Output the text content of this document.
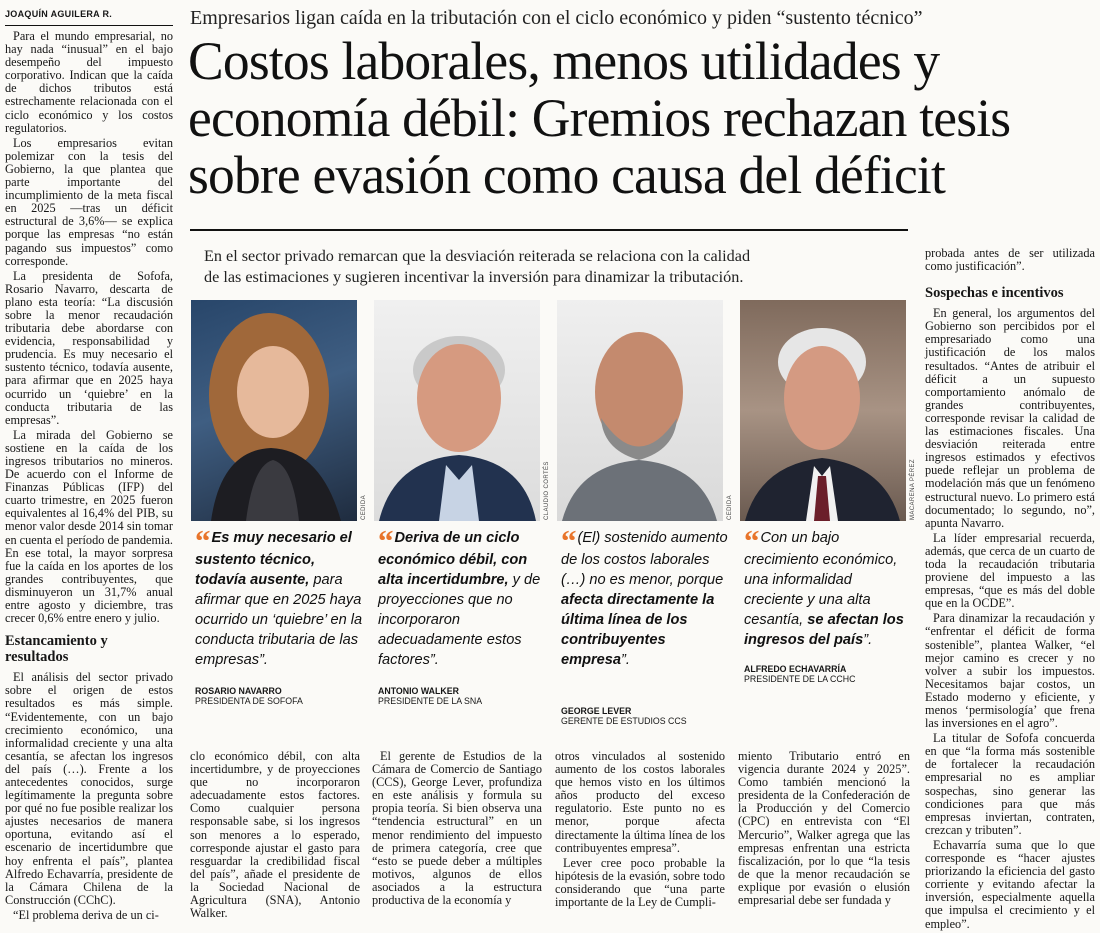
JOAQUÍN AGUILERA R.

Para el mundo empresarial, no hay nada “inusual” en el bajo desempeño del impuesto corporativo. Indican que la caída de dichos tributos está estrechamente relacionada con el ciclo económico y los costos regulatorios.

Los empresarios evitan polemizar con la tesis del Gobierno, la que plantea que parte importante del incumplimiento de la meta fiscal en 2025 —tras un déficit estructural de 3,6%— se explica porque las empresas “no están pagando sus impuestos” como corresponde.

La presidenta de Sofofa, Rosario Navarro, descarta de plano esta teoría: “La discusión sobre la menor recaudación tributaria debe abordarse con evidencia, responsabilidad y prudencia. Es muy necesario el sustento técnico, todavía ausente, para afirmar que en 2025 haya ocurrido un ‘quiebre’ en la conducta tributaria de las empresas”.

La mirada del Gobierno se sostiene en la caída de los ingresos tributarios no mineros. De acuerdo con el Informe de Finanzas Públicas (IFP) del cuarto trimestre, en 2025 fueron equivalentes al 16,4% del PIB, su menor valor desde 2014 sin tomar en cuenta el período de pandemia. En ese total, la mayor sorpresa fue la caída en los aportes de los grandes contribuyentes, que disminuyeron un 31,7% anual entre agosto y diciembre, tras crecer 0,6% entre enero y julio.

Estancamiento y resultados

El análisis del sector privado sobre el origen de estos resultados es más simple. “Evidentemente, con un bajo crecimiento económico, una informalidad creciente y una alta cesantía, se afectan los ingresos del país (…). Frente a los antecedentes conocidos, surge legítimamente la pregunta sobre por qué no fue posible realizar los ajustes necesarios de manera oportuna, evitando así el escenario de incertidumbre que hoy enfrenta el país”, plantea Alfredo Echavarría, presidente de la Cámara Chilena de la Construcción (CChC).

“El problema deriva de un ci-

Empresarios ligan caída en la tributación con el ciclo económico y piden “sustento técnico”
Costos laborales, menos utilidades y
economía débil: Gremios rechazan tesis
sobre evasión como causa del déficit
En el sector privado remarcan que la desviación reiterada se relaciona con la calidad
de las estimaciones y sugieren incentivar la inversión para dinamizar la tributación.
CEDIDA	CLAUDIO CORTÉS	CEDIDA	MACARENA PÉREZ
“ Es muy necesario el sustento técnico, todavía ausente, para afirmar que en 2025 haya ocurrido un ‘quiebre’ en la conducta tributaria de las empresas”.
ROSARIO NAVARRO
PRESIDENTA DE SOFOFA
“ Deriva de un ciclo económico débil, con alta incertidumbre, y de proyecciones que no incorporaron adecuadamente estos factores”.
ANTONIO WALKER
PRESIDENTE DE LA SNA
“ (El) sostenido aumento de los costos laborales (…) no es menor, porque afecta directamente la última línea de los contribuyentes empresa”.
GEORGE LEVER
GERENTE DE ESTUDIOS CCS
“ Con un bajo crecimiento económico, una informalidad creciente y una alta cesantía, se afectan los ingresos del país”.
ALFREDO ECHAVARRÍA
PRESIDENTE DE LA CCHC

clo económico débil, con alta incertidumbre, y de proyecciones que no incorporaron adecuadamente estos factores. Como cualquier persona responsable sabe, si los ingresos son menores a lo esperado, corresponde ajustar el gasto para resguardar la credibilidad fiscal del país”, añade el presidente de la Sociedad Nacional de Agricultura (SNA), Antonio Walker.

El gerente de Estudios de la Cámara de Comercio de Santiago (CCS), George Lever, profundiza en este análisis y formula su propia teoría. Si bien observa una “tendencia estructural” en un menor rendimiento del impuesto de primera categoría, cree que “esto se puede deber a múltiples motivos, algunos de ellos asociados a la estructura productiva de la economía y

otros vinculados al sostenido aumento de los costos laborales que hemos visto en los últimos años producto del exceso regulatorio. Este punto no es menor, porque afecta directamente la última línea de los contribuyentes empresa”.

Lever cree poco probable la hipótesis de la evasión, sobre todo considerando que “una parte importante de la Ley de Cumpli-

miento Tributario entró en vigencia durante 2024 y 2025”. Como también mencionó la presidenta de la Confederación de la Producción y del Comercio (CPC) en entrevista con “El Mercurio”, Walker agrega que las empresas enfrentan una estricta fiscalización, por lo que “la tesis de que la menor recaudación se explique por evasión o elusión empresarial debe ser fundada y

probada antes de ser utilizada como justificación”.

Sospechas e incentivos

En general, los argumentos del Gobierno son percibidos por el empresariado como una justificación de los malos resultados. “Antes de atribuir el déficit a un supuesto comportamiento anómalo de grandes contribuyentes, corresponde revisar la calidad de las estimaciones fiscales. Una desviación reiterada entre ingresos estimados y efectivos puede reflejar un problema de modelación más que un fenómeno estructural nuevo. Lo primero está documentado; lo segundo, no”, apunta Navarro.

La líder empresarial recuerda, además, que cerca de un cuarto de toda la recaudación tributaria proviene del impuesto a las empresas, “que es más del doble que en la OCDE”.

Para dinamizar la recaudación y “enfrentar el déficit de forma sostenible”, plantea Walker, “el mejor camino es crecer y no volver a subir los impuestos. Necesitamos bajar costos, un Estado moderno y eficiente, y menos ‘permisología’ que frena las inversiones en el agro”.

La titular de Sofofa concuerda en que “la forma más sostenible de fortalecer la recaudación empresarial no es ampliar sospechas, sino generar las condiciones para que más empresas inviertan, contraten, crezcan y tributen”.

Echavarría suma que lo que corresponde es “hacer ajustes priorizando la eficiencia del gasto corriente y evitando afectar la inversión, especialmente aquella que impulsa el crecimiento y el empleo”.
